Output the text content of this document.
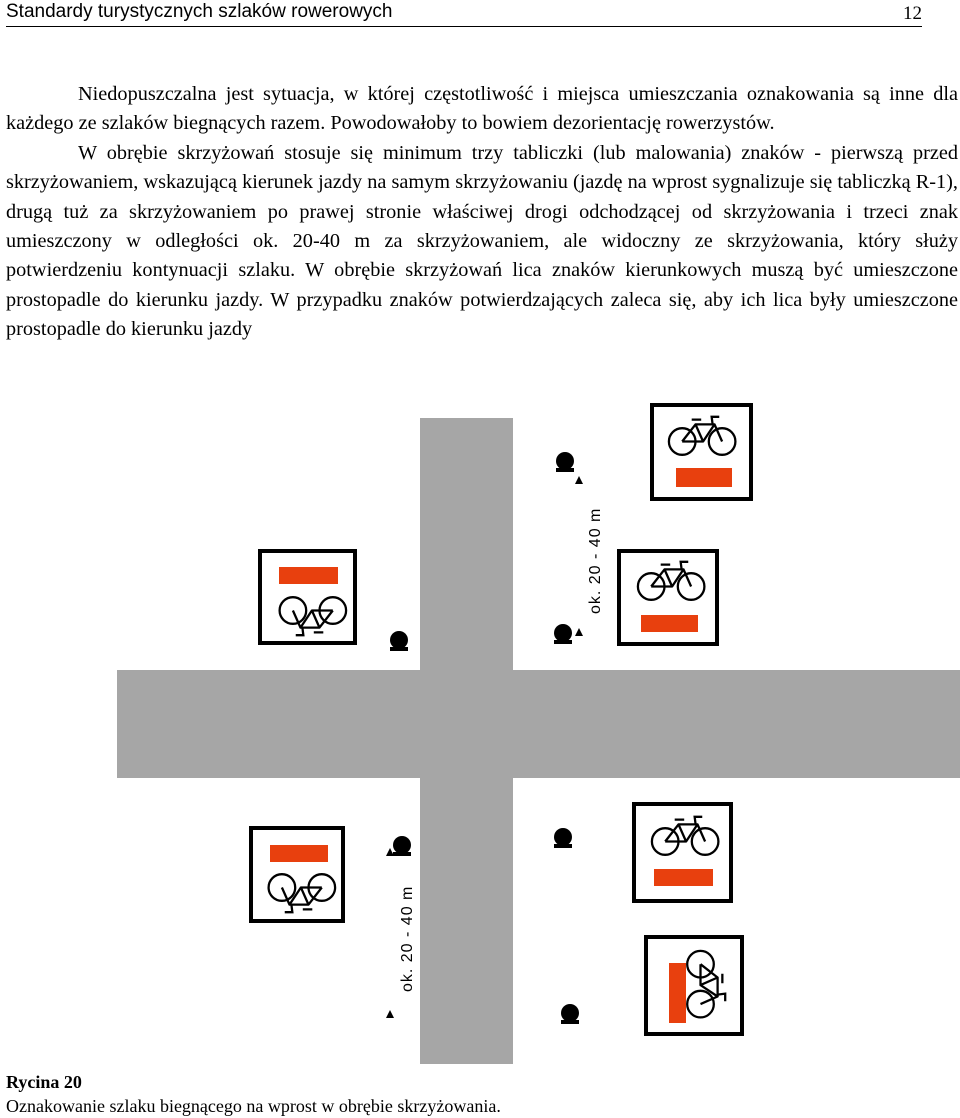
Standardy turystycznych szlaków rowerowych	12

Niedopuszczalna jest sytuacja, w której częstotliwość i miejsca umieszczania oznakowania są inne dla każdego ze szlaków biegnących razem. Powodowałoby to bowiem dezorientację rowerzystów.

W obrębie skrzyżowań stosuje się minimum trzy tabliczki (lub malowania) znaków - pierwszą przed skrzyżowaniem, wskazującą kierunek jazdy na samym skrzyżowaniu (jazdę na wprost sygnalizuje się tabliczką R-1), drugą tuż za skrzyżowaniem po prawej stronie właściwej drogi odchodzącej od skrzyżowania i trzeci znak umieszczony w odległości ok. 20-40 m za skrzyżowaniem, ale widoczny ze skrzyżowania, który służy potwierdzeniu kontynuacji szlaku. W obrębie skrzyżowań lica znaków kierunkowych muszą być umieszczone prostopadle do kierunku jazdy. W przypadku znaków potwierdzających zaleca się, aby ich lica były umieszczone prostopadle do kierunku jazdy

ok. 20 - 40 m
ok. 20 - 40 m
Rycina 20
Oznakowanie szlaku biegnącego na wprost w obrębie skrzyżowania.
